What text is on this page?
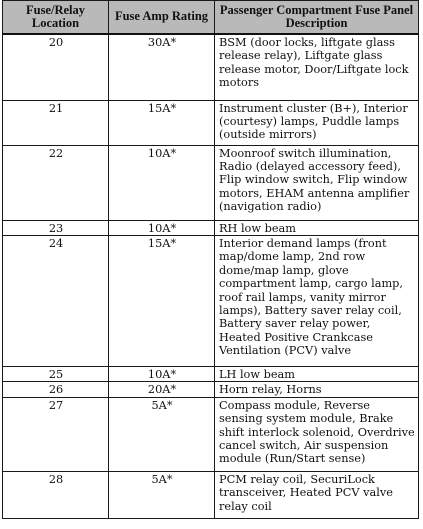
Fuse/Relay Location	Fuse Amp Rating	Passenger Compartment Fuse Panel Description
20	30A*	BSM (door locks, liftgate glass release relay), Liftgate glass release motor, Door/Liftgate lock motors
21	15A*	Instrument cluster (B+), Interior (courtesy) lamps, Puddle lamps (outside mirrors)
22	10A*	Moonroof switch illumination, Radio (delayed accessory feed), Flip window switch, Flip window motors, EHAM antenna amplifier (navigation radio)
23	10A*	RH low beam
24	15A*	Interior demand lamps (front map/dome lamp, 2nd row dome/map lamp, glove compartment lamp, cargo lamp, roof rail lamps, vanity mirror lamps), Battery saver relay coil, Battery saver relay power, Heated Positive Crankcase Ventilation (PCV) valve
25	10A*	LH low beam
26	20A*	Horn relay, Horns
27	5A*	Compass module, Reverse sensing system module, Brake shift interlock solenoid, Overdrive cancel switch, Air suspension module (Run/Start sense)
28	5A*	PCM relay coil, SecuriLock transceiver, Heated PCV valve relay coil
